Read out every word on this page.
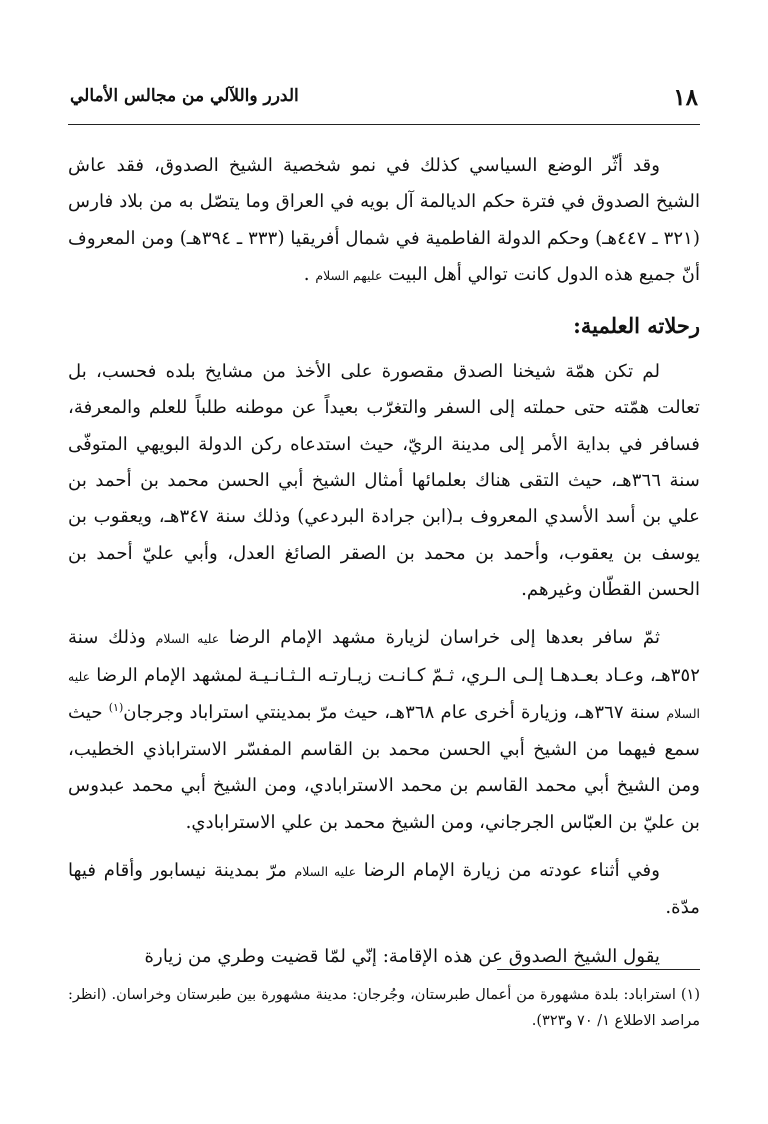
١٨
الدرر واللآلي من مجالس الأمالي

وقد أثّر الوضع السياسي كذلك في نمو شخصية الشيخ الصدوق، فقد عاش الشيخ الصدوق في فترة حكم الديالمة آل بويه في العراق وما يتصّل به من بلاد فارس (٣٢١ ـ ٤٤٧هـ) وحكم الدولة الفاطمية في شمال أفريقيا (٣٣٣ ـ ٣٩٤هـ) ومن المعروف أنّ جميع هذه الدول كانت توالي أهل البيت عليهم السلام .

رحلاته العلمية:

لم تكن همّة شيخنا الصدق مقصورة على الأخذ من مشايخ بلده فحسب، بل تعالت همّته حتى حملته إلى السفر والتغرّب بعيداً عن موطنه طلباً للعلم والمعرفة، فسافر في بداية الأمر إلى مدينة الريّ، حيث استدعاه ركن الدولة البويهي المتوفّى سنة ٣٦٦هـ، حيث التقى هناك بعلمائها أمثال الشيخ أبي الحسن محمد بن أحمد بن علي بن أسد الأسدي المعروف بـ(ابن جرادة البردعي) وذلك سنة ٣٤٧هـ، ويعقوب بن يوسف بن يعقوب، وأحمد بن محمد بن الصقر الصائغ العدل، وأبي عليّ أحمد بن الحسن القطّان وغيرهم.

ثمّ سافر بعدها إلى خراسان لزيارة مشهد الإمام الرضا عليه السلام وذلك سنة ٣٥٢هـ، وعـاد بعـدهـا إلـى الـري، ثـمّ كـانـت زيـارتـه الـثـانـيـة لمشهد الإمام الرضا عليه السلام سنة ٣٦٧هـ، وزيارة أخرى عام ٣٦٨هـ، حيث مرّ بمدينتي استراباد وجرجان$^{(١)}$ حيث سمع فيهما من الشيخ أبي الحسن محمد بن القاسم المفسّر الاستراباذي الخطيب، ومن الشيخ أبي محمد القاسم بن محمد الاسترابادي، ومن الشيخ أبي محمد عبدوس بن عليّ بن العبّاس الجرجاني، ومن الشيخ محمد بن علي الاسترابادي.

وفي أثناء عودته من زيارة الإمام الرضا عليه السلام مرّ بمدينة نيسابور وأقام فيها مدّة.

يقول الشيخ الصدوق عن هذه الإقامة: إنّي لمّا قضيت وطري من زيارة

(١) استراباد: بلدة مشهورة من أعمال طبرستان، وجُرجان: مدينة مشهورة بين طبرستان وخراسان. (انظر: مراصد الاطلاع ١/ ٧٠ و٣٢٣).
